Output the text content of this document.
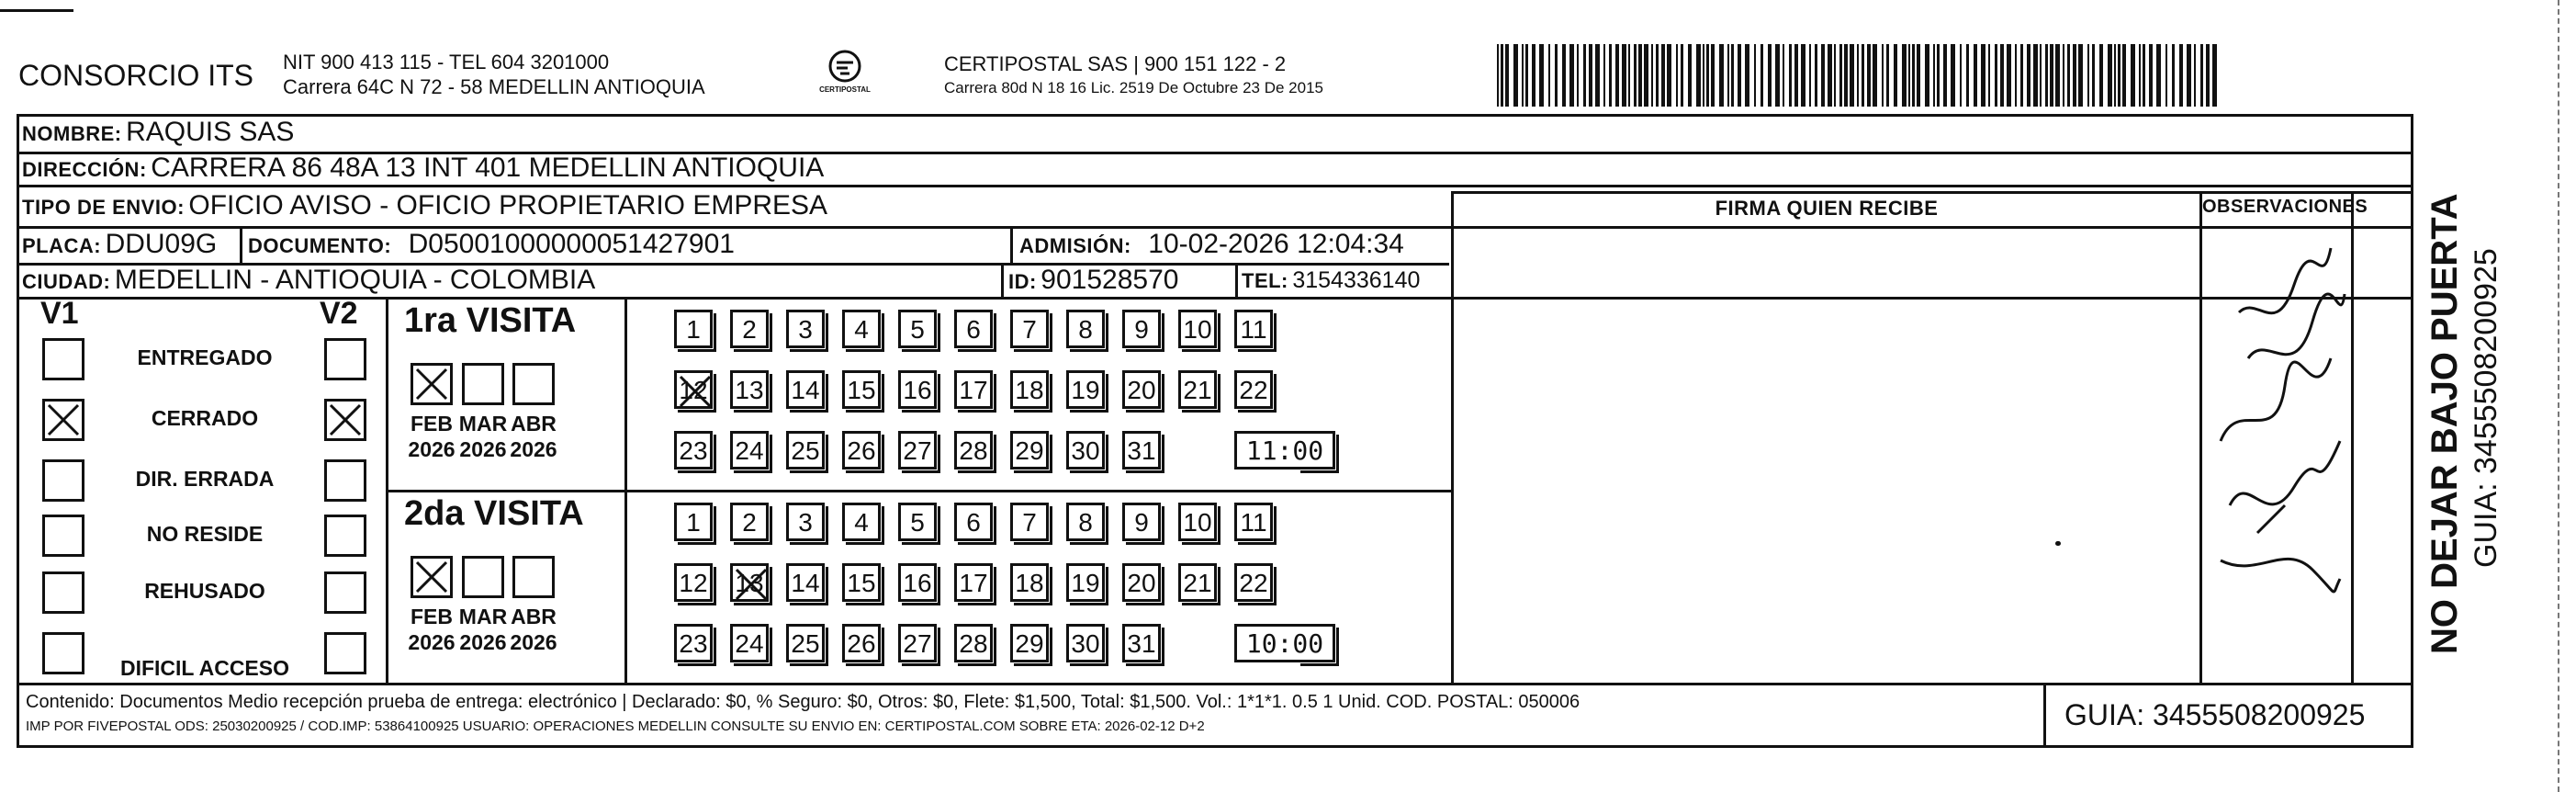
CONSORCIO ITS NIT 900 413 115 - TEL 604 3201000
Carrera 64C N 72 - 58 MEDELLIN ANTIOQUIA	CERTIPOSTAL
CERTIPOSTAL SAS | 900 151 122 - 2
Carrera 80d N 18 16 Lic. 2519 De Octubre 23 De 2015
NOMBRE: RAQUIS SAS
DIRECCIÓN: CARRERA 86 48A 13 INT 401 MEDELLIN ANTIOQUIA
TIPO DE ENVIO: OFICIO AVISO - OFICIO PROPIETARIO EMPRESA	FIRMA QUIEN RECIBE	OBSERVACIONES
PLACA: DDU09G DOCUMENTO: D05001000000051427901	ADMISIÓN: 10-02-2026 12:04:34
CIUDAD: MEDELLIN - ANTIOQUIA - COLOMBIA	ID: 901528570	TEL: 3154336140
V1	V2
ENTREGADO
CERRADO
DIR. ERRADA
NO RESIDE
REHUSADO
DIFICIL ACCESO
1ra VISITA
FEB
2026
MAR
2026
ABR
2026
1	2	3	4	5	6	7	8	9	10 11
12 13 14 15 16 17 18 19 20 21 22
23 24 25 26 27 28 29 30 31	11:00
2da VISITA
FEB
2026
MAR
2026
ABR
2026
1	2	3	4	5	6	7	8	9	10 11
12 13 14 15 16 17 18 19 20 21 22
23 24 25 26 27 28 29 30 31	10:00
Contenido: Documentos Medio recepción prueba de entrega: electrónico | Declarado: $0, % Seguro: $0, Otros: $0, Flete: $1,500, Total: $1,500. Vol.: 1*1*1. 0.5 1 Unid. COD. POSTAL: 050006
IMP POR FIVEPOSTAL ODS: 25030200925 / COD.IMP: 53864100925 USUARIO: OPERACIONES MEDELLIN CONSULTE SU ENVIO EN: CERTIPOSTAL.COM SOBRE ETA: 2026-02-12 D+2	GUIA: 3455508200925
NO DEJAR BAJO PUERTA GUIA: 3455508200925
